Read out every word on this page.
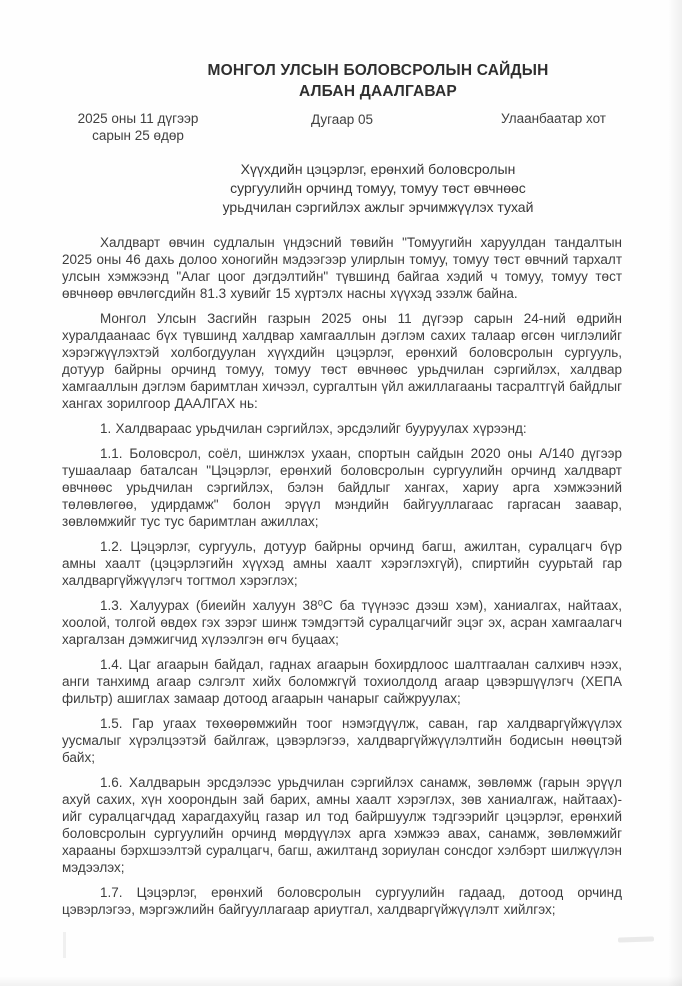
МОНГОЛ УЛСЫН БОЛОВСРОЛЫН САЙДЫН
АЛБАН ДААЛГАВАР
2025 оны 11 дүгээр
сарын 25 өдөр
Дугаар 05	Улаанбаатар хот
Хүүхдийн цэцэрлэг, ерөнхий боловсролын
сургуулийн орчинд томуу, томуу төст өвчнөөс
урьдчилан сэргийлэх ажлыг эрчимжүүлэх тухай

Халдварт өвчин судлалын үндэсний төвийн "Томуугийн харуулдан тандалтын 2025 оны 46 дахь долоо хоногийн мэдээгээр улирлын томуу, томуу төст өвчний тархалт улсын хэмжээнд "Алаг цоог дэгдэлтийн" түвшинд байгаа хэдий ч томуу, томуу төст өвчнөөр өвчлөгсдийн 81.3 хувийг 15 хүртэлх насны хүүхэд эзэлж байна.

Монгол Улсын Засгийн газрын 2025 оны 11 дүгээр сарын 24-ний өдрийн хуралдаанаас бүх түвшинд халдвар хамгааллын дэглэм сахих талаар өгсөн чиглэлийг хэрэгжүүлэхтэй холбогдуулан хүүхдийн цэцэрлэг, ерөнхий боловсролын сургууль, дотуур байрны орчинд томуу, томуу төст өвчнөөс урьдчилан сэргийлэх, халдвар хамгааллын дэглэм баримтлан хичээл, сургалтын үйл ажиллагааны тасралтгүй байдлыг хангах зорилгоор ДААЛГАХ нь:

1. Халдвараас урьдчилан сэргийлэх, эрсдэлийг бууруулах хүрээнд:

1.1. Боловсрол, соёл, шинжлэх ухаан, спортын сайдын 2020 оны А/140 дүгээр тушаалаар баталсан "Цэцэрлэг, ерөнхий боловсролын сургуулийн орчинд халдварт өвчнөөс урьдчилан сэргийлэх, бэлэн байдлыг хангах, хариу арга хэмжээний төлөвлөгөө, удирдамж" болон эрүүл мэндийн байгууллагаас гаргасан заавар, зөвлөмжийг тус тус баримтлан ажиллах;

1.2. Цэцэрлэг, сургууль, дотуур байрны орчинд багш, ажилтан, суралцагч бүр амны хаалт (цэцэрлэгийн хүүхэд амны хаалт хэрэглэхгүй), спиртийн суурьтай гар халдваргүйжүүлэгч тогтмол хэрэглэх;

1.3. Халуурах (биеийн халуун 38⁰С ба түүнээс дээш хэм), ханиалгах, найтаах, хоолой, толгой өвдөх гэх зэрэг шинж тэмдэгтэй суралцагчийг эцэг эх, асран хамгаалагч харгалзан дэмжигчид хүлээлгэн өгч буцаах;

1.4. Цаг агаарын байдал, гаднах агаарын бохирдлоос шалтгаалан салхивч нээх, анги танхимд агаар сэлгэлт хийх боломжгүй тохиолдолд агаар цэвэршүүлэгч (ХЕПА фильтр) ашиглах замаар дотоод агаарын чанарыг сайжруулах;

1.5. Гар угаах төхөөрөмжийн тоог нэмэгдүүлж, саван, гар халдваргүйжүүлэх уусмалыг хүрэлцээтэй байлгаж, цэвэрлэгээ, халдваргүйжүүлэлтийн бодисын нөөцтэй байх;

1.6. Халдварын эрсдэлээс урьдчилан сэргийлэх санамж, зөвлөмж (гарын эрүүл ахуй сахих, хүн хоорондын зай барих, амны хаалт хэрэглэх, зөв ханиалгаж, найтаах)-ийг суралцагчдад харагдахуйц газар ил тод байршуулж тэдгээрийг цэцэрлэг, ерөнхий боловсролын сургуулийн орчинд мөрдүүлэх арга хэмжээ авах, санамж, зөвлөмжийг харааны бэрхшээлтэй суралцагч, багш, ажилтанд зориулан сонсдог хэлбэрт шилжүүлэн мэдээлэх;

1.7. Цэцэрлэг, ерөнхий боловсролын сургуулийн гадаад, дотоод орчинд цэвэрлэгээ, мэргэжлийн байгууллагаар ариутгал, халдваргүйжүүлэлт хийлгэх;
